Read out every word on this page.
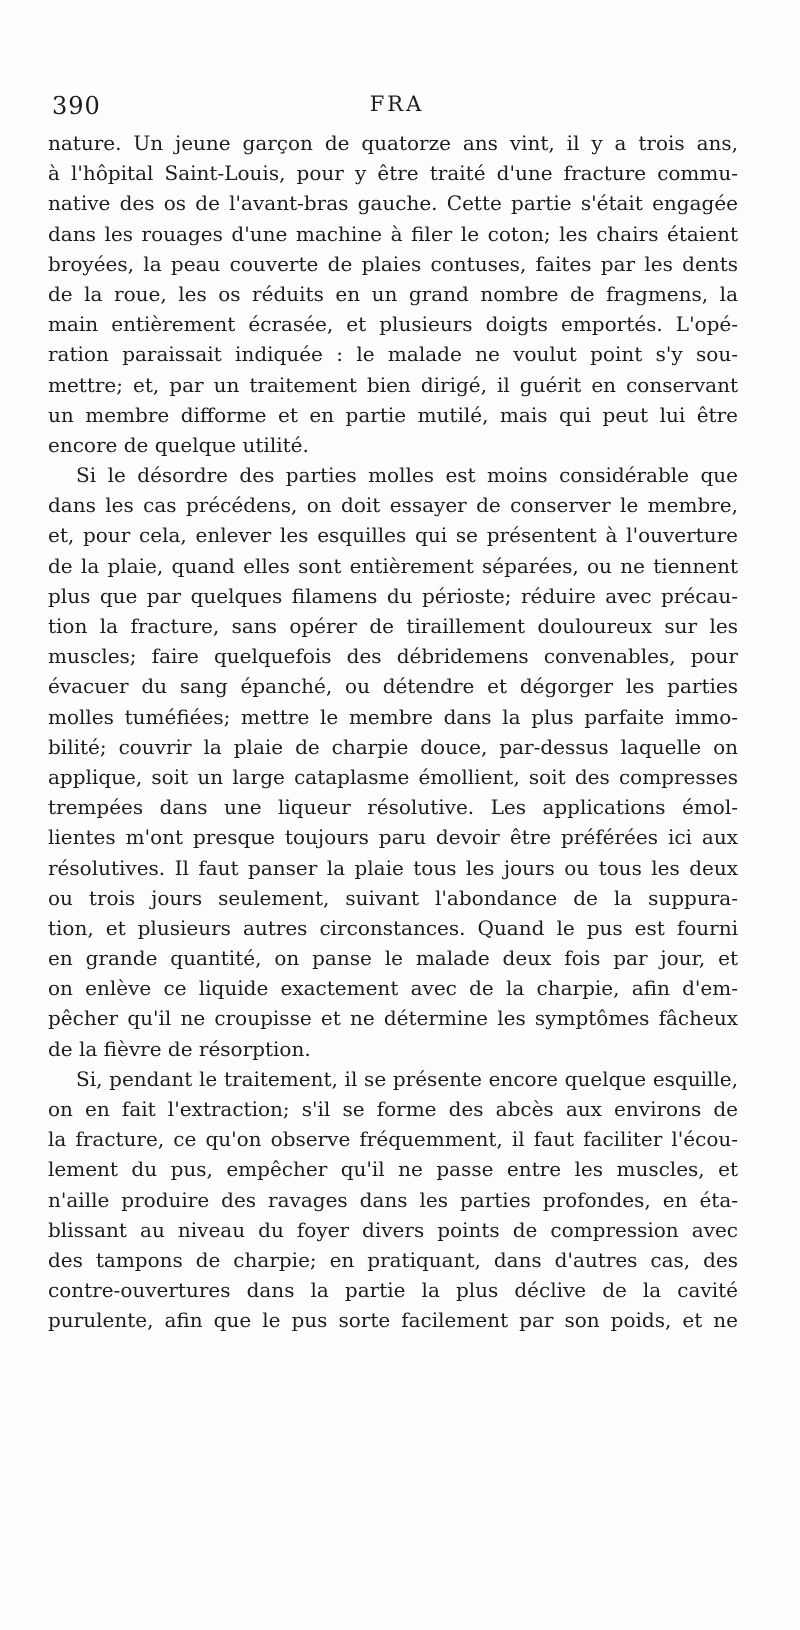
390	FRA
nature. Un jeune garçon de quatorze ans vint, il y a trois ans,
à l'hôpital Saint-Louis, pour y être traité d'une fracture commu-
native des os de l'avant-bras gauche. Cette partie s'était engagée
dans les rouages d'une machine à filer le coton; les chairs étaient
broyées, la peau couverte de plaies contuses, faites par les dents
de la roue, les os réduits en un grand nombre de fragmens, la
main entièrement écrasée, et plusieurs doigts emportés. L'opé-
ration paraissait indiquée : le malade ne voulut point s'y sou-
mettre; et, par un traitement bien dirigé, il guérit en conservant
un membre difforme et en partie mutilé, mais qui peut lui être
encore de quelque utilité.
Si le désordre des parties molles est moins considérable que
dans les cas précédens, on doit essayer de conserver le membre,
et, pour cela, enlever les esquilles qui se présentent à l'ouverture
de la plaie, quand elles sont entièrement séparées, ou ne tiennent
plus que par quelques filamens du périoste; réduire avec précau-
tion la fracture, sans opérer de tiraillement douloureux sur les
muscles; faire quelquefois des débridemens convenables, pour
évacuer du sang épanché, ou détendre et dégorger les parties
molles tuméfiées; mettre le membre dans la plus parfaite immo-
bilité; couvrir la plaie de charpie douce, par-dessus laquelle on
applique, soit un large cataplasme émollient, soit des compresses
trempées dans une liqueur résolutive. Les applications émol-
lientes m'ont presque toujours paru devoir être préférées ici aux
résolutives. Il faut panser la plaie tous les jours ou tous les deux
ou trois jours seulement, suivant l'abondance de la suppura-
tion, et plusieurs autres circonstances. Quand le pus est fourni
en grande quantité, on panse le malade deux fois par jour, et
on enlève ce liquide exactement avec de la charpie, afin d'em-
pêcher qu'il ne croupisse et ne détermine les symptômes fâcheux
de la fièvre de résorption.
Si, pendant le traitement, il se présente encore quelque esquille,
on en fait l'extraction; s'il se forme des abcès aux environs de
la fracture, ce qu'on observe fréquemment, il faut faciliter l'écou-
lement du pus, empêcher qu'il ne passe entre les muscles, et
n'aille produire des ravages dans les parties profondes, en éta-
blissant au niveau du foyer divers points de compression avec
des tampons de charpie; en pratiquant, dans d'autres cas, des
contre-ouvertures dans la partie la plus déclive de la cavité
purulente, afin que le pus sorte facilement par son poids, et ne
